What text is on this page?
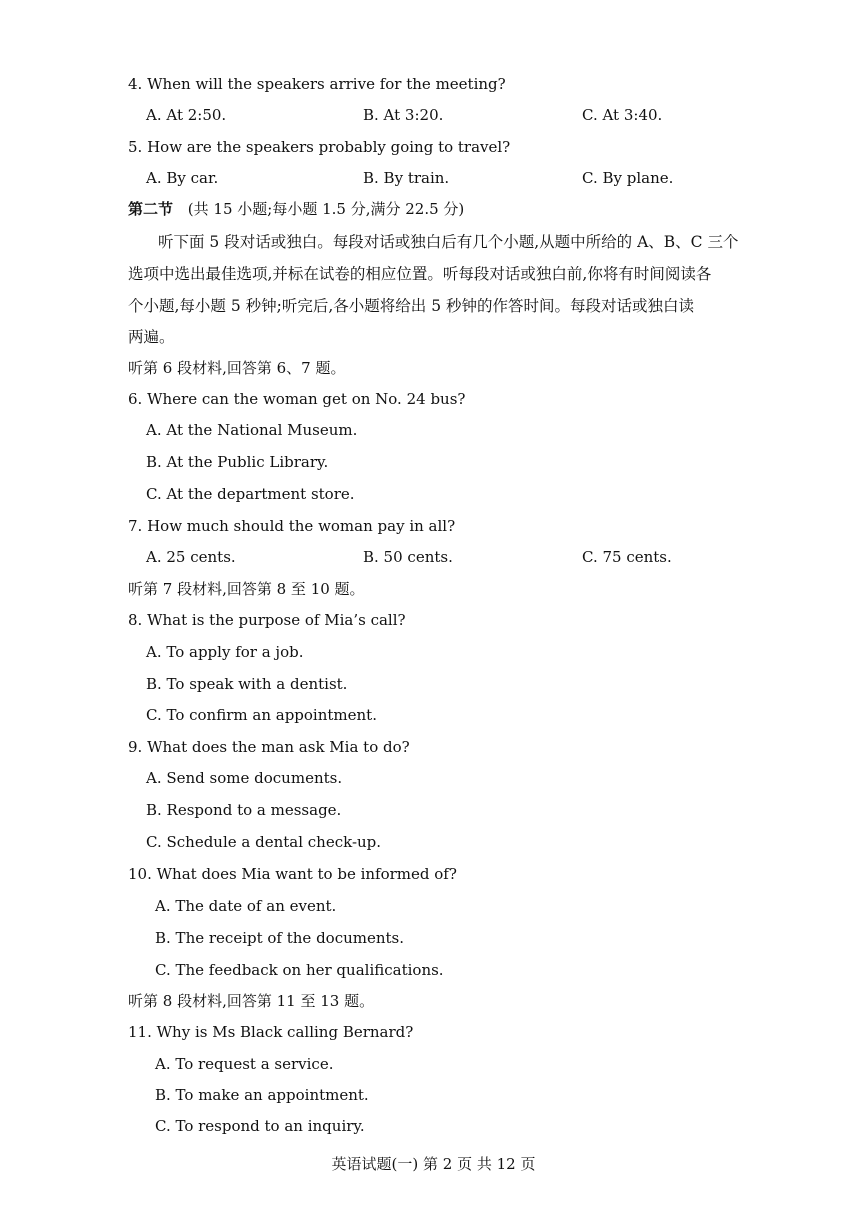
4. When will the speakers arrive for the meeting?
A. At 2:50.	B. At 3:20.	C. At 3:40.
5. How are the speakers probably going to travel?
A. By car.	B. By train.	C. By plane.
第二节 (共 15 小题;每小题 1.5 分,满分 22.5 分)
听下面 5 段对话或独白。每段对话或独白后有几个小题,从题中所给的 A、B、C 三个
选项中选出最佳选项,并标在试卷的相应位置。听每段对话或独白前,你将有时间阅读各
个小题,每小题 5 秒钟;听完后,各小题将给出 5 秒钟的作答时间。每段对话或独白读
两遍。
听第 6 段材料,回答第 6、7 题。
6. Where can the woman get on No. 24 bus?
A. At the National Museum.
B. At the Public Library.
C. At the department store.
7. How much should the woman pay in all?
A. 25 cents.	B. 50 cents.	C. 75 cents.
听第 7 段材料,回答第 8 至 10 题。
8. What is the purpose of Mia’s call?
A. To apply for a job.
B. To speak with a dentist.
C. To confirm an appointment.
9. What does the man ask Mia to do?
A. Send some documents.
B. Respond to a message.
C. Schedule a dental check-up.
10. What does Mia want to be informed of?
A. The date of an event.
B. The receipt of the documents.
C. The feedback on her qualifications.
听第 8 段材料,回答第 11 至 13 题。
11. Why is Ms Black calling Bernard?
A. To request a service.
B. To make an appointment.
C. To respond to an inquiry.
英语试题(一) 第 2 页 共 12 页
